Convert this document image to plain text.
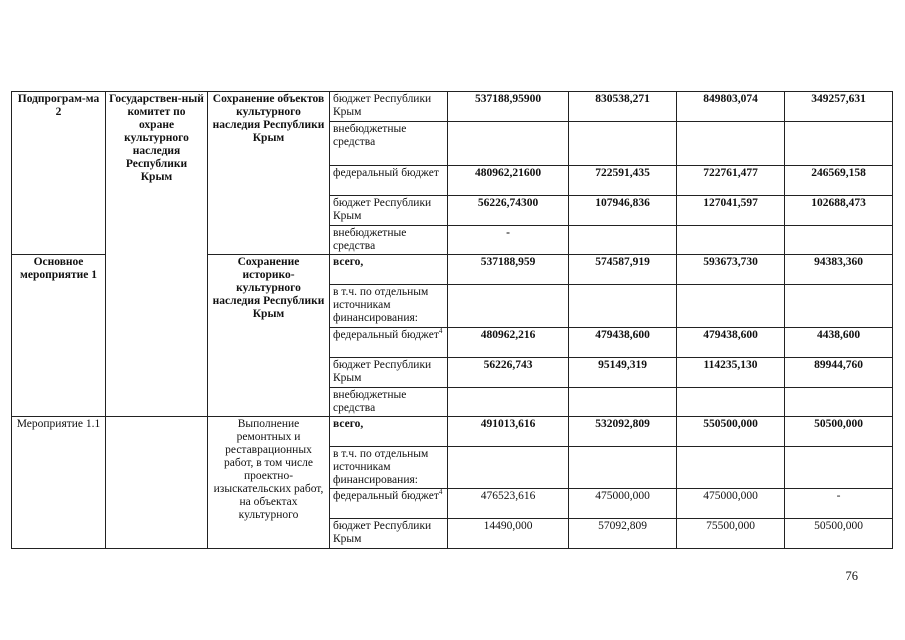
Подпрограм-ма 2	Государствен-ный комитет по охране культурного наследия Республики Крым	Сохранение объектов культурного наследия Республики Крым	бюджет Республики Крым	537188,95900	830538,271	849803,074	349257,631
			внебюджетные средства				
			федеральный бюджет	480962,21600	722591,435	722761,477	246569,158
			бюджет Республики Крым	56226,74300	107946,836	127041,597	102688,473
			внебюджетные средства	-			
Основное мероприятие 1		Сохранение историко-культурного наследия Республики Крым	всего,	537188,959	574587,919	593673,730	94383,360
			в т.ч. по отдельным источникам финансирования:				
			федеральный бюджет$^4$	480962,216	479438,600	479438,600	4438,600
			бюджет Республики Крым	56226,743	95149,319	114235,130	89944,760
			внебюджетные средства				
Мероприятие 1.1		Выполнение ремонтных и реставрационных работ, в том числе проектно-изыскательских работ, на объектах культурного	всего,	491013,616	532092,809	550500,000	50500,000
			в т.ч. по отдельным источникам финансирования:				
			федеральный бюджет$^4$	476523,616	475000,000	475000,000	-
			бюджет Республики Крым	14490,000	57092,809	75500,000	50500,000
76
